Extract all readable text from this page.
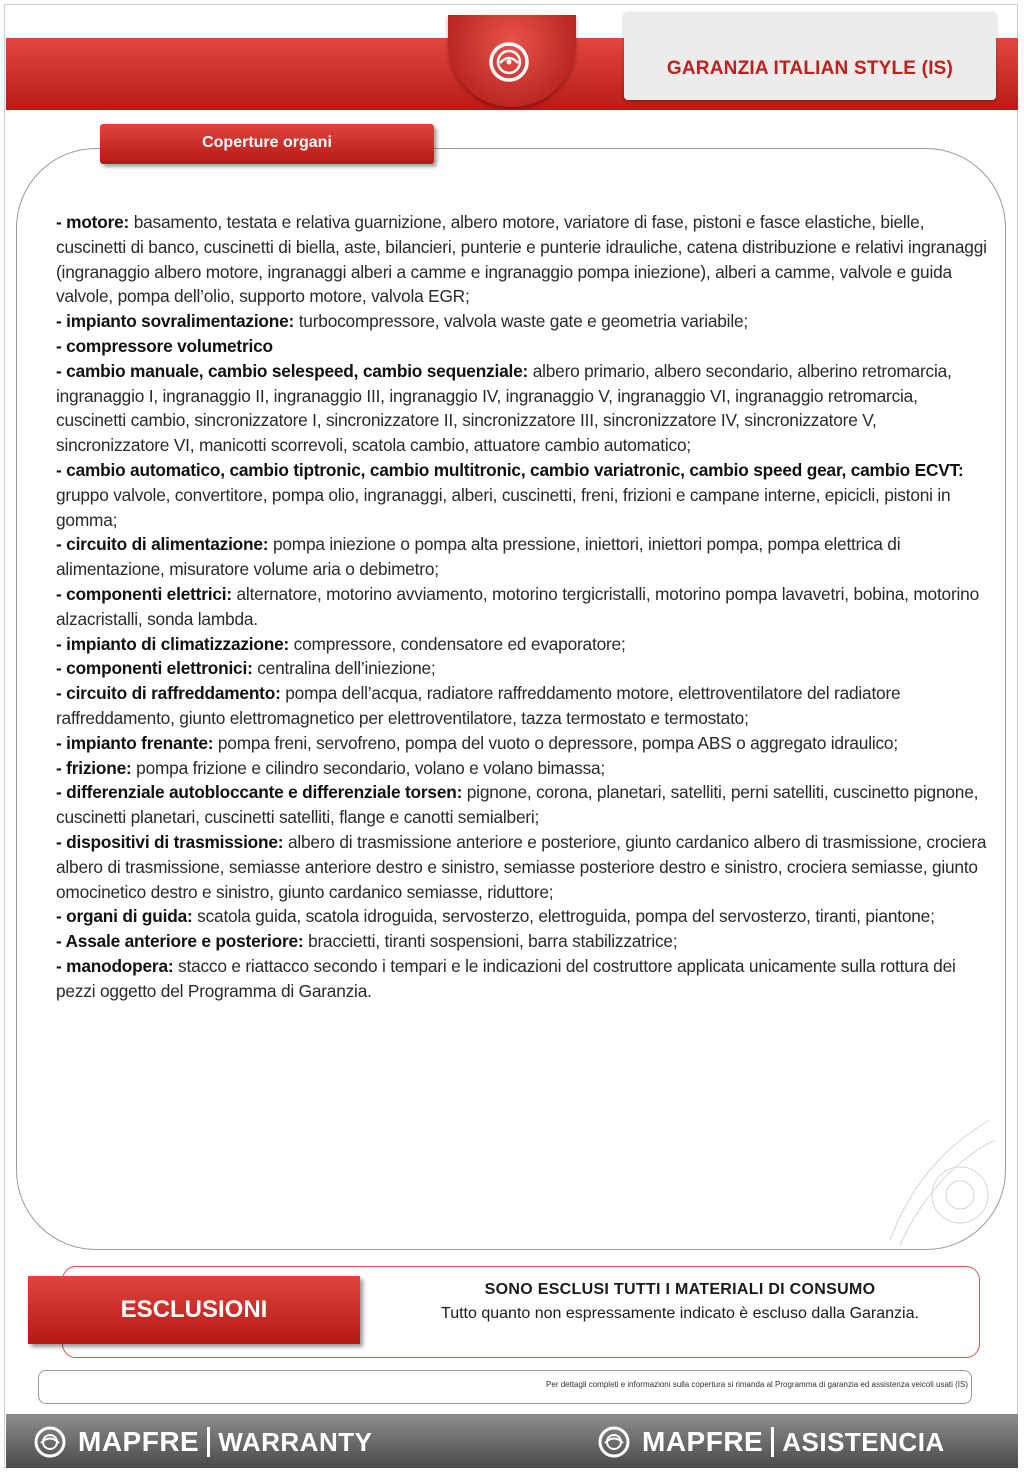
GARANZIA ITALIAN STYLE (IS)
Coperture organi
- motore: basamento, testata e relativa guarnizione, albero motore, variatore di fase, pistoni e fasce elastiche, bielle, cuscinetti di banco, cuscinetti di biella, aste, bilancieri, punterie e punterie idrauliche, catena distribuzione e relativi ingranaggi (ingranaggio albero motore, ingranaggi alberi a camme e ingranaggio pompa iniezione), alberi a camme, valvole e guida valvole, pompa dell’olio, supporto motore, valvola EGR;
- impianto sovralimentazione: turbocompressore, valvola waste gate e geometria variabile;
- compressore volumetrico
- cambio manuale, cambio selespeed, cambio sequenziale: albero primario, albero secondario, alberino retromarcia, ingranaggio I, ingranaggio II, ingranaggio III, ingranaggio IV, ingranaggio V, ingranaggio VI, ingranaggio retromarcia, cuscinetti cambio, sincronizzatore I, sincronizzatore II, sincronizzatore III, sincronizzatore IV, sincronizzatore V, sincronizzatore VI, manicotti scorrevoli, scatola cambio, attuatore cambio automatico;
- cambio automatico, cambio tiptronic, cambio multitronic, cambio variatronic, cambio speed gear, cambio ECVT: gruppo valvole, convertitore, pompa olio, ingranaggi, alberi, cuscinetti, freni, frizioni e campane interne, epicicli, pistoni in gomma;
- circuito di alimentazione: pompa iniezione o pompa alta pressione, iniettori, iniettori pompa, pompa elettrica di alimentazione, misuratore volume aria o debimetro;
- componenti elettrici: alternatore, motorino avviamento, motorino tergicristalli, motorino pompa lavavetri, bobina, motorino alzacristalli, sonda lambda.
- impianto di climatizzazione: compressore, condensatore ed evaporatore;
- componenti elettronici: centralina dell’iniezione;
- circuito di raffreddamento: pompa dell’acqua, radiatore raffreddamento motore, elettroventilatore del radiatore raffreddamento, giunto elettromagnetico per elettroventilatore, tazza termostato e termostato;
- impianto frenante: pompa freni, servofreno, pompa del vuoto o depressore, pompa ABS o aggregato idraulico;
- frizione: pompa frizione e cilindro secondario, volano e volano bimassa;
- differenziale autobloccante e differenziale torsen: pignone, corona, planetari, satelliti, perni satelliti, cuscinetto pignone, cuscinetti planetari, cuscinetti satelliti, flange e canotti semialberi;
- dispositivi di trasmissione: albero di trasmissione anteriore e posteriore, giunto cardanico albero di trasmissione, crociera albero di trasmissione, semiasse anteriore destro e sinistro, semiasse posteriore destro e sinistro, crociera semiasse, giunto omocinetico destro e sinistro, giunto cardanico semiasse, riduttore;
- organi di guida: scatola guida, scatola idroguida, servosterzo, elettroguida, pompa del servosterzo, tiranti, piantone;
- Assale anteriore e posteriore: braccietti, tiranti sospensioni, barra stabilizzatrice;
- manodopera: stacco e riattacco secondo i tempari e le indicazioni del costruttore applicata unicamente sulla rottura dei pezzi oggetto del Programma di Garanzia.
ESCLUSIONI
SONO ESCLUSI TUTTI I MATERIALI DI CONSUMO
Tutto quanto non espressamente indicato è escluso dalla Garanzia.
Per dettagli completi e informazioni sulla copertura si rimanda al Programma di garanzia ed assistenza veicoli usati (IS)
MAPFRE WARRANTY	MAPFRE ASISTENCIA
